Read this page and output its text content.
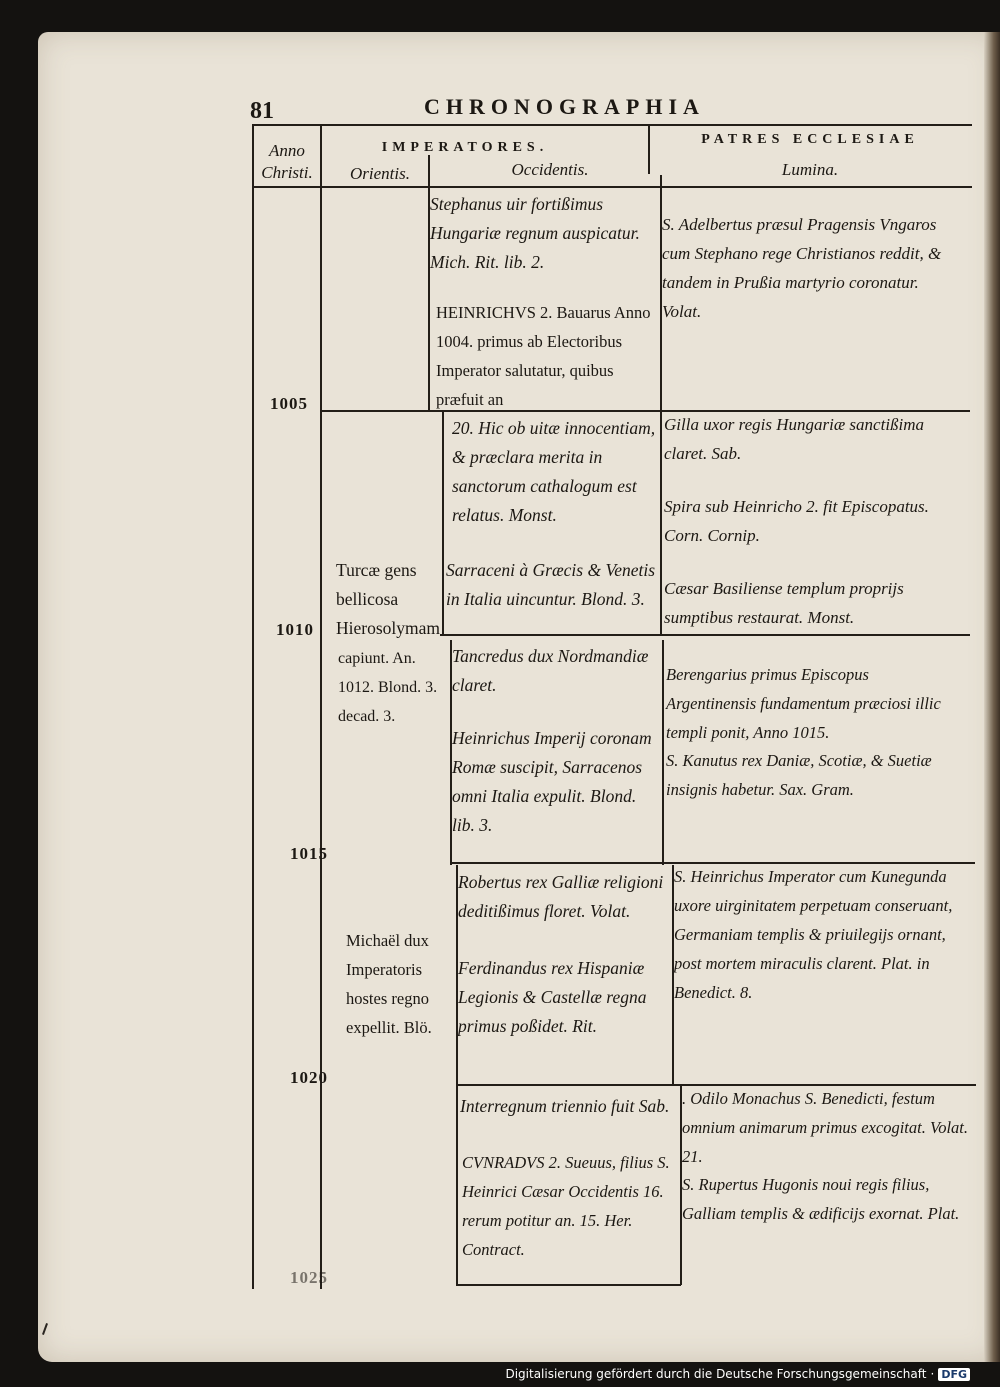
81	CHRONOGRAPHIA
Anno Christi.
IMPERATORES.
Orientis.	Occidentis.
PATRES ECCLESIAE
Lumina.
1005
1010
1015
1020
1025
Turcæ gens bellicosa Hierosolymam
capiunt. An. 1012. Blond. 3. decad. 3.
Michaël dux Imperatoris hostes regno expellit. Blö.
Stephanus uir fortißimus Hungariæ regnum auspicatur. Mich. Rit. lib. 2.
HEINRICHVS 2. Bauarus Anno 1004. primus ab Electoribus Imperator salutatur, quibus præfuit an
20. Hic ob uitæ innocentiam, & præclara merita in sanctorum cathalogum est relatus. Monst.
Sarraceni à Græcis & Venetis in Italia uincuntur. Blond. 3.
Tancredus dux Nordmandiæ claret.
Heinrichus Imperij coronam Romæ suscipit, Sarracenos omni Italia expulit. Blond. lib. 3.
Robertus rex Galliæ religioni deditißimus floret. Volat.
Ferdinandus rex Hispaniæ Legionis & Castellæ regna primus poßidet. Rit.
Interregnum triennio fuit Sab.
CVNRADVS 2. Sueuus, filius S. Heinrici Cæsar Occidentis 16. rerum potitur an. 15. Her. Contract.
S. Adelbertus præsul Pragensis Vngaros cum Stephano rege Christianos reddit, & tandem in Prußia martyrio coronatur. Volat.
Gilla uxor regis Hungariæ sanctißima claret. Sab.
Spira sub Heinricho 2. fit Episcopatus. Corn. Cornip.
Cæsar Basiliense templum proprijs sumptibus restaurat. Monst.
Berengarius primus Episcopus Argentinensis fundamentum præciosi illic templi ponit, Anno 1015.
S. Kanutus rex Daniæ, Scotiæ, & Suetiæ insignis habetur. Sax. Gram.
S. Heinrichus Imperator cum Kunegunda uxore uirginitatem perpetuam conseruant, Germaniam templis & priuilegijs ornant, post mortem miraculis clarent. Plat. in Benedict. 8.
. Odilo Monachus S. Benedicti, festum omnium animarum primus excogitat. Volat. 21.
S. Rupertus Hugonis noui regis filius, Galliam templis & ædificijs exornat. Plat.
Digitalisierung gefördert durch die Deutsche Forschungsgemeinschaft · DFG
